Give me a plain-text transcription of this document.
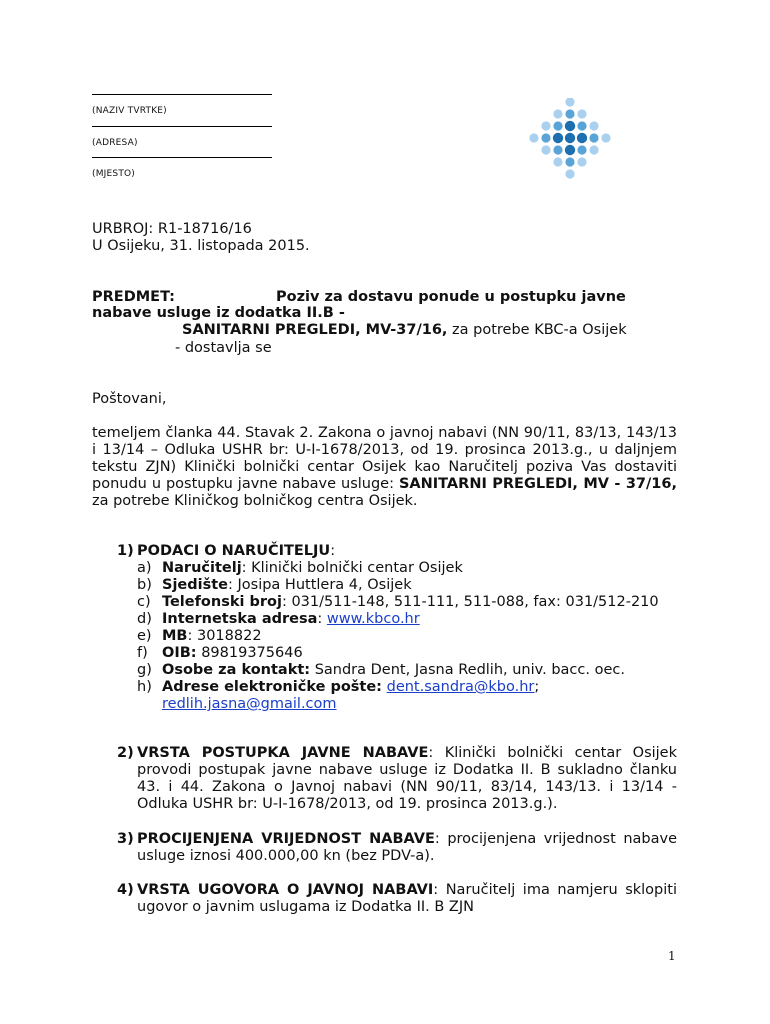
(NAZIV TVRTKE)
(ADRESA)
(MJESTO)
URBROJ: R1-18716/16
U Osijeku, 31. listopada 2015.
PREDMET:	Poziv za dostavu ponude u postupku javne
nabave usluge iz dodatka II.B -
SANITARNI PREGLEDI, MV-37/16, za potrebe KBC-a Osijek
- dostavlja se
Poštovani,
temeljem članka 44. Stavak 2. Zakona o javnoj nabavi (NN 90/11, 83/13, 143/13 i 13/14 – Odluka USHR br: U-I-1678/2013, od 19. prosinca 2013.g., u daljnjem tekstu ZJN) Klinički bolnički centar Osijek kao Naručitelj poziva Vas dostaviti ponudu u postupku javne nabave usluge: SANITARNI PREGLEDI, MV - 37/16, za potrebe Kliničkog bolničkog centra Osijek.
1) PODACI O NARUČITELJU:
a) Naručitelj: Klinički bolnički centar Osijek
b) Sjedište: Josipa Huttlera 4, Osijek
c) Telefonski broj: 031/511-148, 511-111, 511-088, fax: 031/512-210
d) Internetska adresa: www.kbco.hr
e) MB: 3018822
f) OIB: 89819375646
g) Osobe za kontakt: Sandra Dent, Jasna Redlih, univ. bacc. oec.
h) Adrese elektroničke pošte: dent.sandra@kbo.hr;
redlih.jasna@gmail.com
2) VRSTA POSTUPKA JAVNE NABAVE: Klinički bolnički centar Osijek provodi postupak javne nabave usluge iz Dodatka II. B sukladno članku 43. i 44. Zakona o Javnoj nabavi (NN 90/11, 83/14, 143/13. i 13/14 - Odluka USHR br: U-I-1678/2013, od 19. prosinca 2013.g.).
3) PROCIJENJENA VRIJEDNOST NABAVE: procijenjena vrijednost nabave usluge iznosi 400.000,00 kn (bez PDV-a).
4) VRSTA UGOVORA O JAVNOJ NABAVI: Naručitelj ima namjeru sklopiti ugovor o javnim uslugama iz Dodatka II. B ZJN
1
